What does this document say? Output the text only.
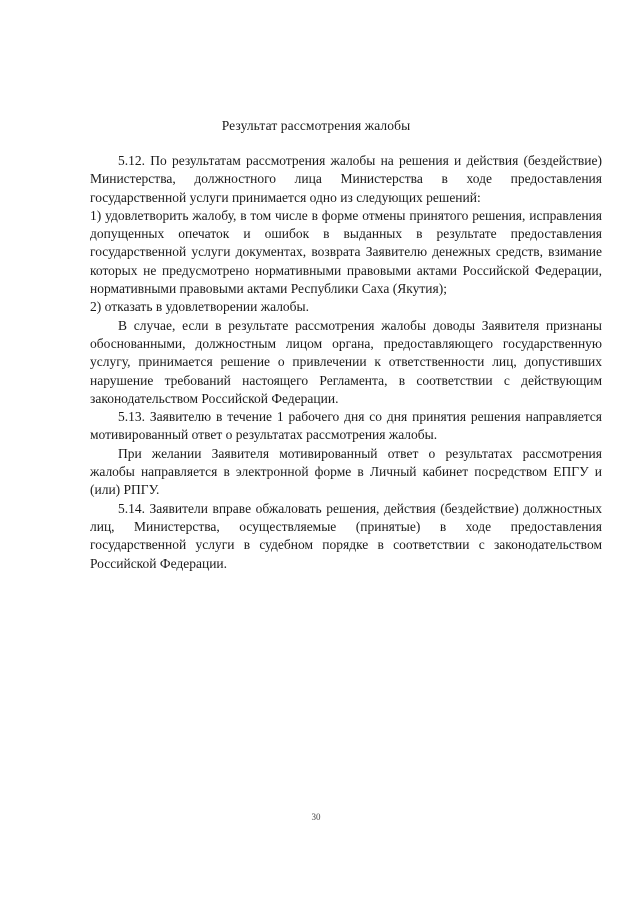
Результат рассмотрения жалобы

5.12. По результатам рассмотрения жалобы на решения и действия (бездействие) Министерства, должностного лица Министерства в ходе предоставления государственной услуги принимается одно из следующих решений:

1) удовлетворить жалобу, в том числе в форме отмены принятого решения, исправления допущенных опечаток и ошибок в выданных в результате предоставления государственной услуги документах, возврата Заявителю денежных средств, взимание которых не предусмотрено нормативными правовыми актами Российской Федерации, нормативными правовыми актами Республики Саха (Якутия);

2) отказать в удовлетворении жалобы.

В случае, если в результате рассмотрения жалобы доводы Заявителя признаны обоснованными, должностным лицом органа, предоставляющего государственную услугу, принимается решение о привлечении к ответственности лиц, допустивших нарушение требований настоящего Регламента, в соответствии с действующим законодательством Российской Федерации.

5.13. Заявителю в течение 1 рабочего дня со дня принятия решения направляется мотивированный ответ о результатах рассмотрения жалобы.

При желании Заявителя мотивированный ответ о результатах рассмотрения жалобы направляется в электронной форме в Личный кабинет посредством ЕПГУ и (или) РПГУ.

5.14. Заявители вправе обжаловать решения, действия (бездействие) должностных лиц, Министерства, осуществляемые (принятые) в ходе предоставления государственной услуги в судебном порядке в соответствии с законодательством Российской Федерации.

30
